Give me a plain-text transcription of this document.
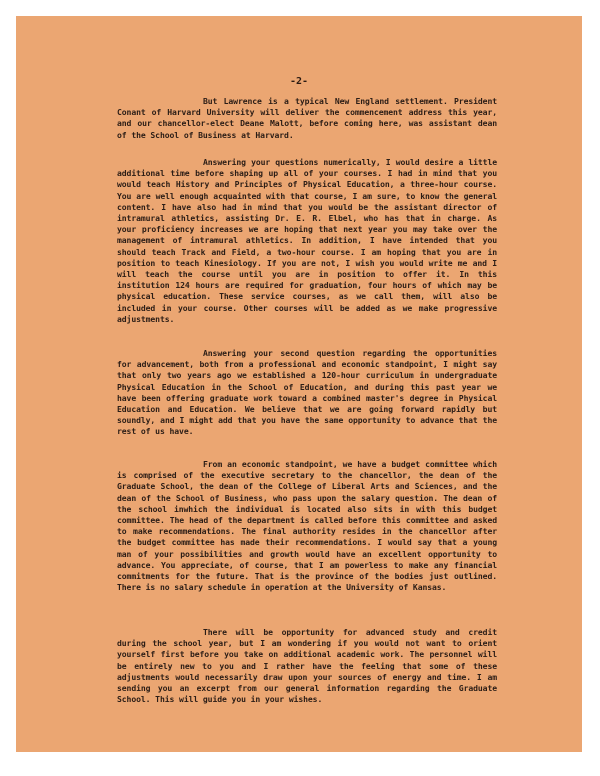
-2-

But Lawrence is a typical New England settlement. President Conant of Harvard University will deliver the commencement address this year, and our chancellor-elect Deane Malott, before coming here, was assistant dean of the School of Business at Harvard.

Answering your questions numerically, I would desire a little additional time before shaping up all of your courses. I had in mind that you would teach History and Principles of Physical Education, a three-hour course. You are well enough acquainted with that course, I am sure, to know the general content. I have also had in mind that you would be the assistant director of intramural athletics, assisting Dr. E. R. Elbel, who has that in charge. As your proficiency increases we are hoping that next year you may take over the management of intramural athletics. In addition, I have intended that you should teach Track and Field, a two-hour course. I am hoping that you are in position to teach Kinesiology. If you are not, I wish you would write me and I will teach the course until you are in position to offer it. In this institution 124 hours are required for graduation, four hours of which may be physical education. These service courses, as we call them, will also be included in your course. Other courses will be added as we make progressive adjustments.

Answering your second question regarding the opportunities for advancement, both from a professional and economic standpoint, I might say that only two years ago we established a 120-hour curriculum in undergraduate Physical Education in the School of Education, and during this past year we have been offering graduate work toward a combined master's degree in Physical Education and Education. We believe that we are going forward rapidly but soundly, and I might add that you have the same opportunity to advance that the rest of us have.

From an economic standpoint, we have a budget committee which is comprised of the executive secretary to the chancellor, the dean of the Graduate School, the dean of the College of Liberal Arts and Sciences, and the dean of the School of Business, who pass upon the salary question. The dean of the school inwhich the individual is located also sits in with this budget committee. The head of the department is called before this committee and asked to make recommendations. The final authority resides in the chancellor after the budget committee has made their recommendations. I would say that a young man of your possibilities and growth would have an excellent opportunity to advance. You appreciate, of course, that I am powerless to make any financial commitments for the future. That is the province of the bodies just outlined. There is no salary schedule in operation at the University of Kansas.

There will be opportunity for advanced study and credit during the school year, but I am wondering if you would not want to orient yourself first before you take on additional academic work. The personnel will be entirely new to you and I rather have the feeling that some of these adjustments would necessarily draw upon your sources of energy and time. I am sending you an excerpt from our general information regarding the Graduate School. This will guide you in your wishes.
